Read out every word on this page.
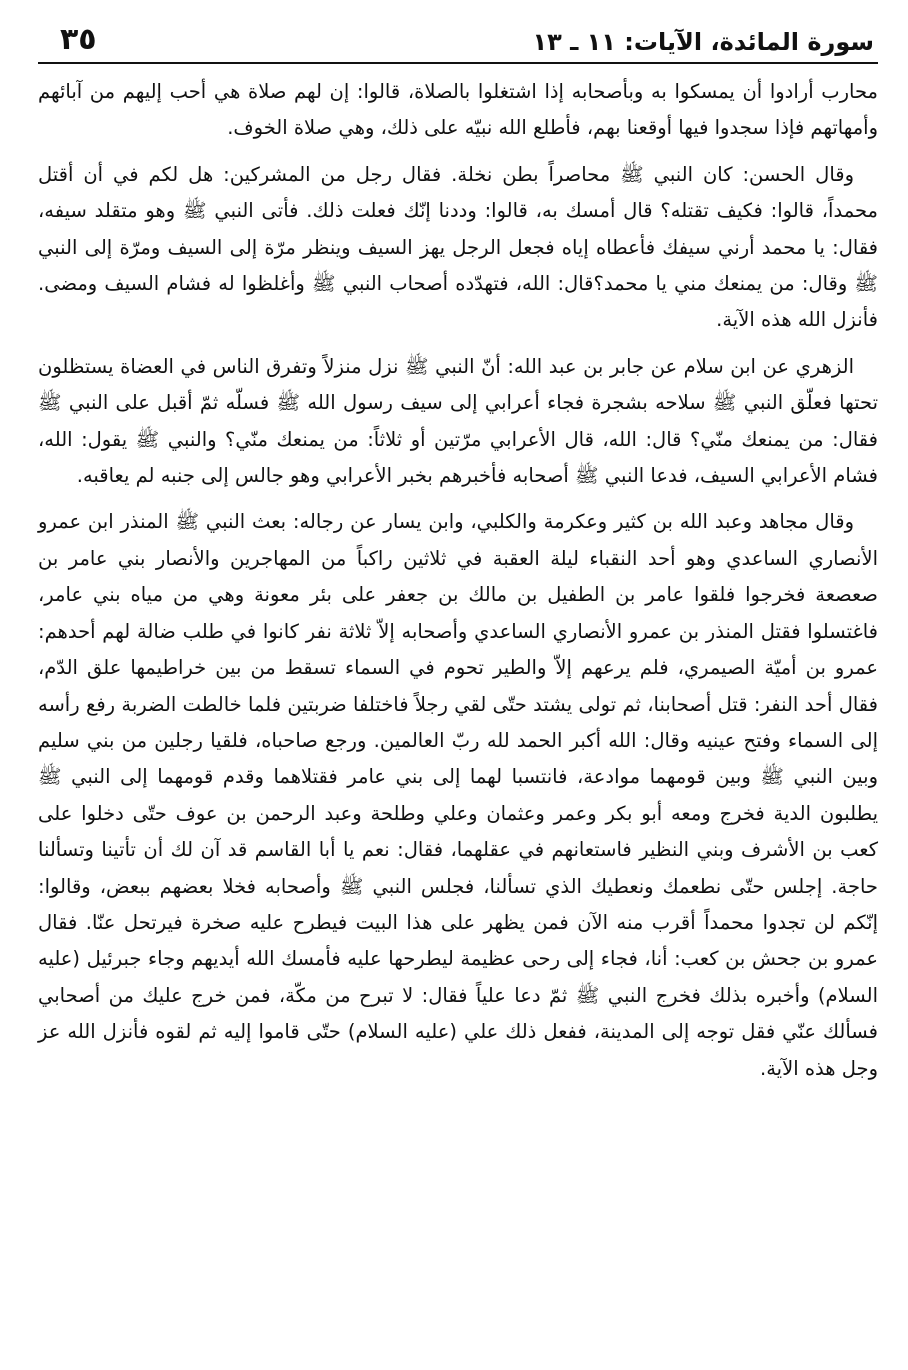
سورة المائدة، الآيات: ١١ ـ ١٣
٣٥

محارب أرادوا أن يمسكوا به وبأصحابه إذا اشتغلوا بالصلاة، قالوا: إن لهم صلاة هي أحب إليهم من آبائهم وأمهاتهم فإذا سجدوا فيها أوقعنا بهم، فأطلع الله نبيّه على ذلك، وهي صلاة الخوف.

وقال الحسن: كان النبي ﷺ محاصراً بطن نخلة. فقال رجل من المشركين: هل لكم في أن أقتل محمداً، قالوا: فكيف تقتله؟ قال أمسك به، قالوا: وددنا إنّك فعلت ذلك. فأتى النبي ﷺ وهو متقلد سيفه، فقال: يا محمد أرني سيفك فأعطاه إياه فجعل الرجل يهز السيف وينظر مرّة إلى السيف ومرّة إلى النبي ﷺ وقال: من يمنعك مني يا محمد؟قال: الله، فتهدّده أصحاب النبي ﷺ وأغلظوا له فشام السيف ومضى. فأنزل الله هذه الآية.

الزهري عن ابن سلام عن جابر بن عبد الله: أنّ النبي ﷺ نزل منزلاً وتفرق الناس في العضاة يستظلون تحتها فعلّق النبي ﷺ سلاحه بشجرة فجاء أعرابي إلى سيف رسول الله ﷺ فسلّه ثمّ أقبل على النبي ﷺ فقال: من يمنعك منّي؟ قال: الله، قال الأعرابي مرّتين أو ثلاثاً: من يمنعك منّي؟ والنبي ﷺ يقول: الله، فشام الأعرابي السيف، فدعا النبي ﷺ أصحابه فأخبرهم بخبر الأعرابي وهو جالس إلى جنبه لم يعاقبه.

وقال مجاهد وعبد الله بن كثير وعكرمة والكلبي، وابن يسار عن رجاله: بعث النبي ﷺ المنذر ابن عمرو الأنصاري الساعدي وهو أحد النقباء ليلة العقبة في ثلاثين راكباً من المهاجرين والأنصار بني عامر بن صعصعة فخرجوا فلقوا عامر بن الطفيل بن مالك بن جعفر على بئر معونة وهي من مياه بني عامر، فاغتسلوا فقتل المنذر بن عمرو الأنصاري الساعدي وأصحابه إلاّ ثلاثة نفر كانوا في طلب ضالة لهم أحدهم: عمرو بن أميّة الصيمري، فلم يرعهم إلاّ والطير تحوم في السماء تسقط من بين خراطيمها علق الدّم، فقال أحد النفر: قتل أصحابنا، ثم تولى يشتد حتّى لقي رجلاً فاختلفا ضربتين فلما خالطت الضربة رفع رأسه إلى السماء وفتح عينيه وقال: الله أكبر الحمد لله ربّ العالمين. ورجع صاحباه، فلقيا رجلين من بني سليم وبين النبي ﷺ وبين قومهما موادعة، فانتسبا لهما إلى بني عامر فقتلاهما وقدم قومهما إلى النبي ﷺ يطلبون الدية فخرج ومعه أبو بكر وعمر وعثمان وعلي وطلحة وعبد الرحمن بن عوف حتّى دخلوا على كعب بن الأشرف وبني النظير فاستعانهم في عقلهما، فقال: نعم يا أبا القاسم قد آن لك أن تأتينا وتسألنا حاجة. إجلس حتّى نطعمك ونعطيك الذي تسألنا، فجلس النبي ﷺ وأصحابه فخلا بعضهم ببعض، وقالوا: إنّكم لن تجدوا محمداً أقرب منه الآن فمن يظهر على هذا البيت فيطرح عليه صخرة فيرتحل عنّا. فقال عمرو بن جحش بن كعب: أنا، فجاء إلى رحى عظيمة ليطرحها عليه فأمسك الله أيديهم وجاء جبرئيل (عليه السلام) وأخبره بذلك فخرج النبي ﷺ ثمّ دعا علياً فقال: لا تبرح من مكّة، فمن خرج عليك من أصحابي فسألك عنّي فقل توجه إلى المدينة، ففعل ذلك علي (عليه السلام) حتّى قاموا إليه ثم لقوه فأنزل الله عز وجل هذه الآية.
